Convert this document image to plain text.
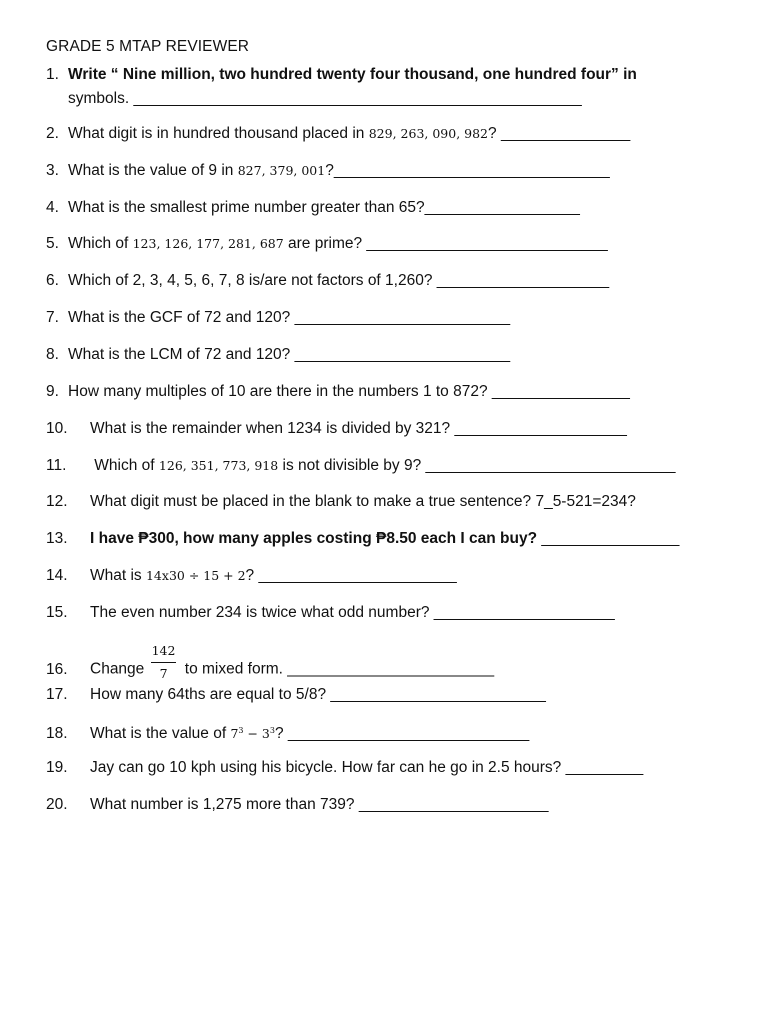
GRADE 5 MTAP REVIEWER
1. Write “ Nine million, two hundred twenty four thousand, one hundred four” in
symbols. ____________________________________________________
2. What digit is in hundred thousand placed in 829, 263, 090, 982? _______________
3. What is the value of 9 in 827, 379, 001?________________________________
4. What is the smallest prime number greater than 65?__________________
5. Which of 123, 126, 177, 281, 687 are prime? ____________________________
6. Which of 2, 3, 4, 5, 6, 7, 8 is/are not factors of 1,260? ____________________
7. What is the GCF of 72 and 120? _________________________
8. What is the LCM of 72 and 120? _________________________
9. How many multiples of 10 are there in the numbers 1 to 872? ________________
10. What is the remainder when 1234 is divided by 321? ____________________
11. Which of 126, 351, 773, 918 is not divisible by 9? _____________________________
12. What digit must be placed in the blank to make a true sentence? 7_5-521=234?
13. I have ₱300, how many apples costing ₱8.50 each I can buy? ________________
14. What is 14x30 ÷ 15 + 2? _______________________
15. The even number 234 is twice what odd number? _____________________
16. Change $\frac{142}{7}$ to mixed form. ________________________
17. How many 64ths are equal to 5/8? _________________________
18. What is the value of $7^3 - 3^3$? ____________________________
19. Jay can go 10 kph using his bicycle. How far can he go in 2.5 hours? _________
20. What number is 1,275 more than 739? ______________________
